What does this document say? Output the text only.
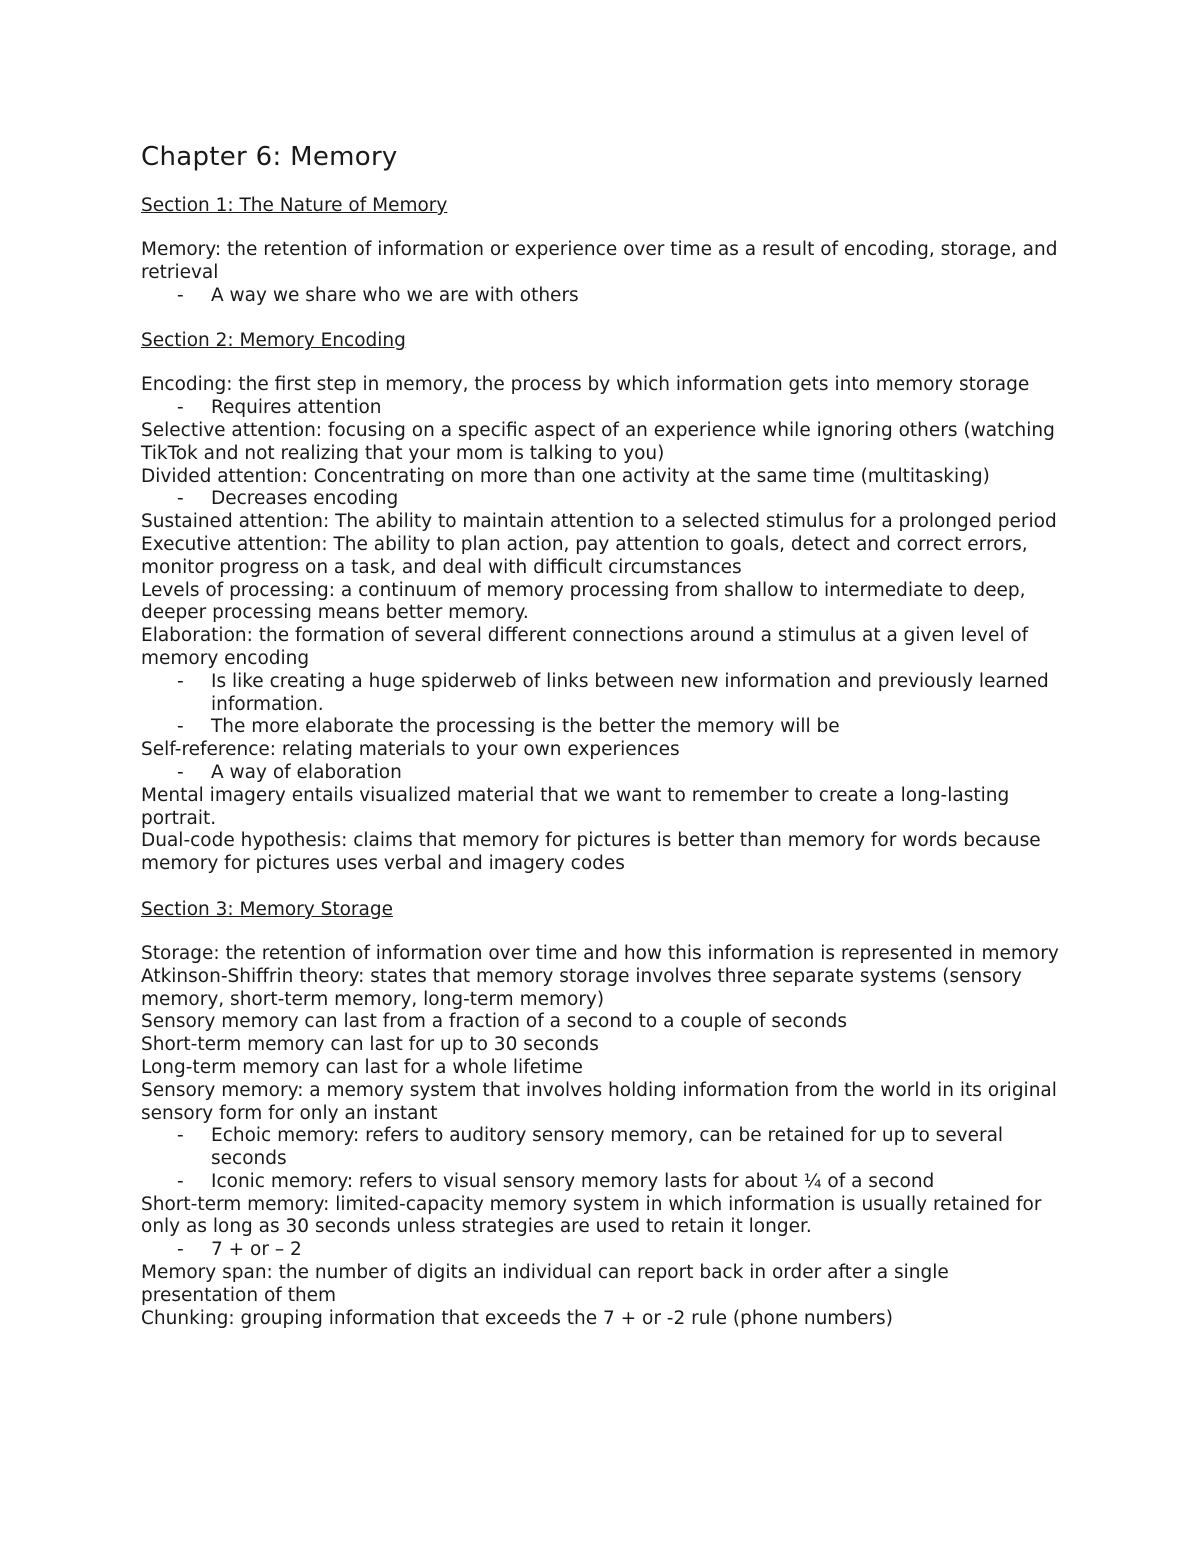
Chapter 6: Memory
Section 1: The Nature of Memory
Memory: the retention of information or experience over time as a result of encoding, storage, and retrieval
- A way we share who we are with others
Section 2: Memory Encoding
Encoding: the first step in memory, the process by which information gets into memory storage
- Requires attention
Selective attention: focusing on a specific aspect of an experience while ignoring others (watching TikTok and not realizing that your mom is talking to you)
Divided attention: Concentrating on more than one activity at the same time (multitasking)
- Decreases encoding
Sustained attention: The ability to maintain attention to a selected stimulus for a prolonged period
Executive attention: The ability to plan action, pay attention to goals, detect and correct errors, monitor progress on a task, and deal with difficult circumstances
Levels of processing: a continuum of memory processing from shallow to intermediate to deep, deeper processing means better memory.
Elaboration: the formation of several different connections around a stimulus at a given level of memory encoding
- Is like creating a huge spiderweb of links between new information and previously learned information.
- The more elaborate the processing is the better the memory will be
Self-reference: relating materials to your own experiences
- A way of elaboration
Mental imagery entails visualized material that we want to remember to create a long-lasting portrait.
Dual-code hypothesis: claims that memory for pictures is better than memory for words because memory for pictures uses verbal and imagery codes
Section 3: Memory Storage
Storage: the retention of information over time and how this information is represented in memory
Atkinson-Shiffrin theory: states that memory storage involves three separate systems (sensory memory, short-term memory, long-term memory)
Sensory memory can last from a fraction of a second to a couple of seconds
Short-term memory can last for up to 30 seconds
Long-term memory can last for a whole lifetime
Sensory memory: a memory system that involves holding information from the world in its original sensory form for only an instant
- Echoic memory: refers to auditory sensory memory, can be retained for up to several seconds
- Iconic memory: refers to visual sensory memory lasts for about ¼ of a second
Short-term memory: limited-capacity memory system in which information is usually retained for only as long as 30 seconds unless strategies are used to retain it longer.
- 7 + or – 2
Memory span: the number of digits an individual can report back in order after a single presentation of them
Chunking: grouping information that exceeds the 7 + or -2 rule (phone numbers)
